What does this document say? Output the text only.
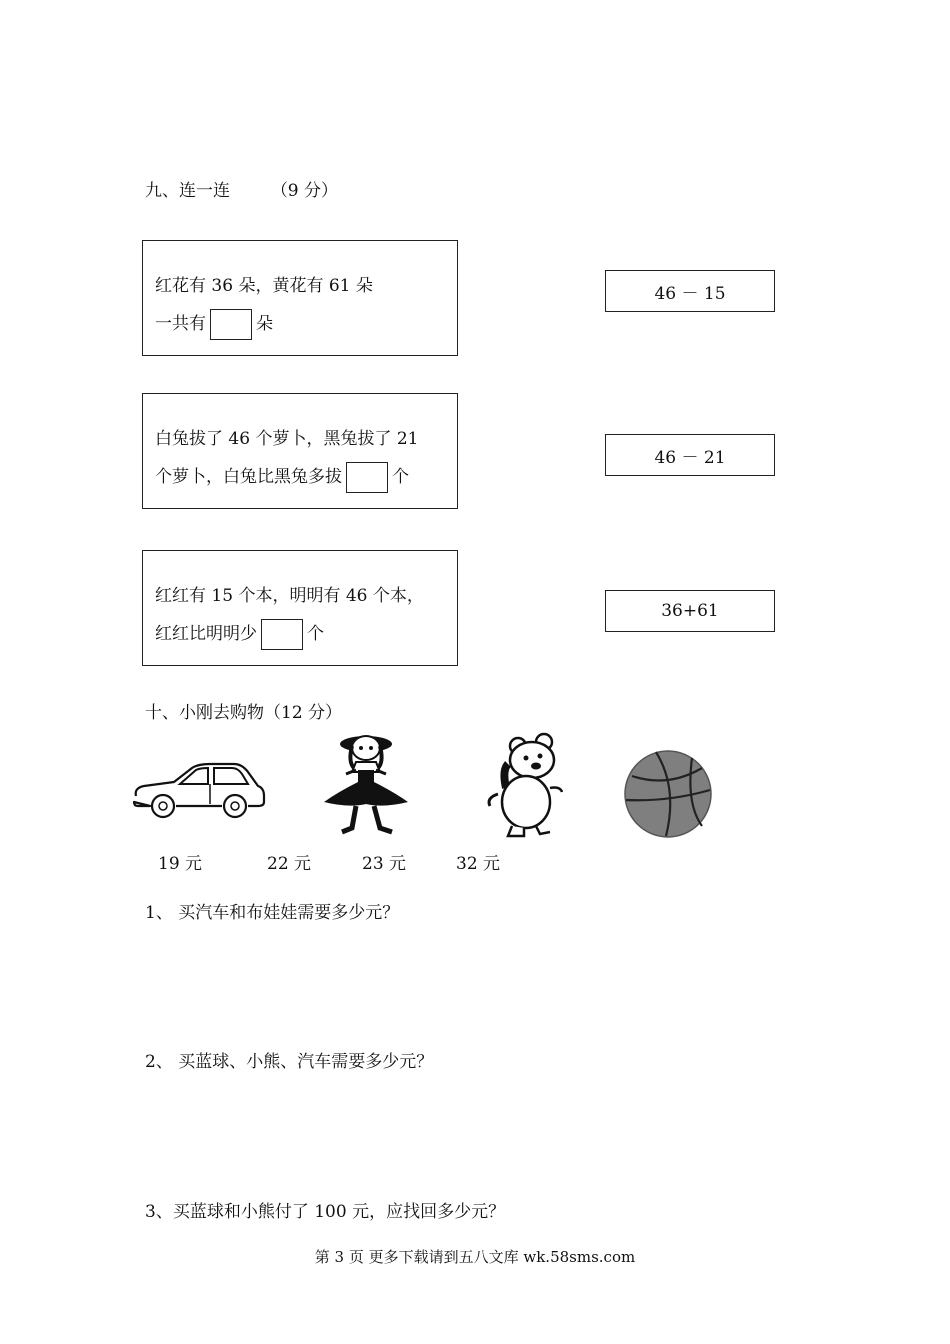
九、连一连 （9 分）
红花有 36 朵，黄花有 61 朵
一共有	朵
白兔拔了 46 个萝卜，黑兔拔了 21
个萝卜，白兔比黑兔多拔	个
红红有 15 个本，明明有 46 个本，
红红比明明少	个
46 － 15
46 － 21
36+61
十、小刚去购物（12 分）
19 元	22 元	23 元	32 元
1、 买汽车和布娃娃需要多少元？
2、 买蓝球、小熊、汽车需要多少元？
3、买蓝球和小熊付了 100 元，应找回多少元？
第 3 页 更多下载请到五八文库 wk.58sms.com
